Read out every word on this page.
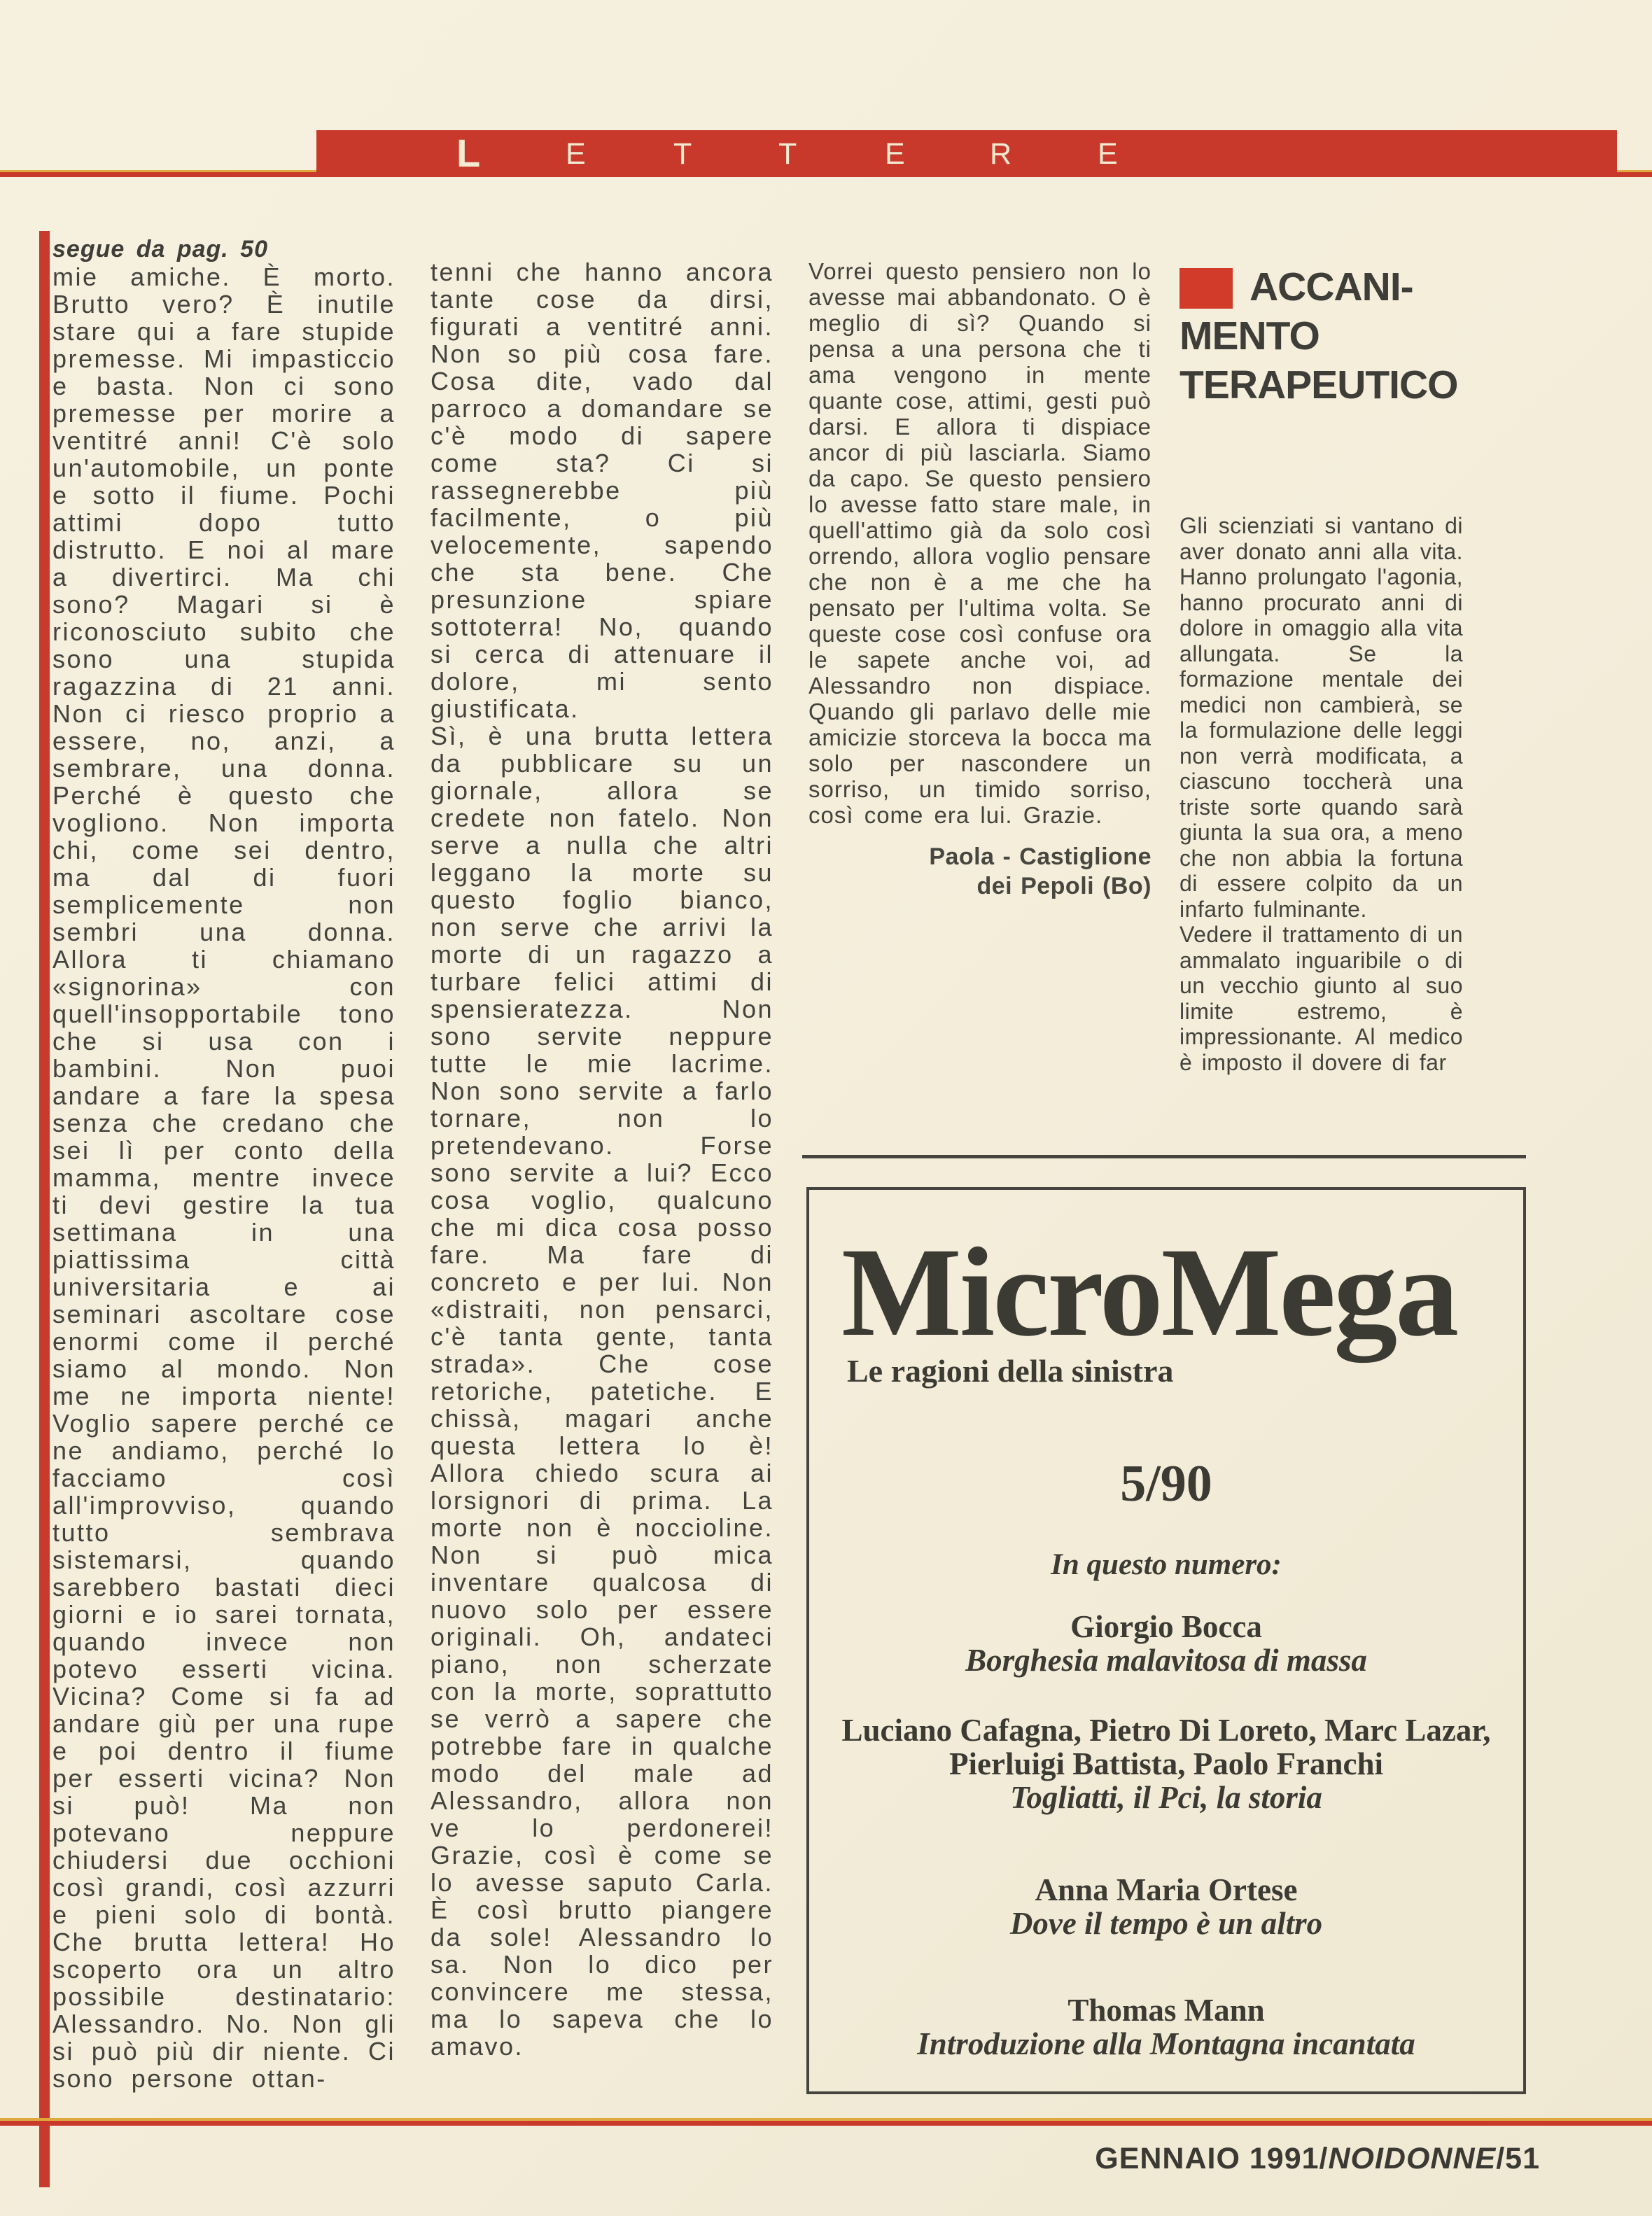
L	E	T	T	E	R	E

segue da pag. 50

mie amiche. È morto. Brutto vero? È inutile stare qui a fare stupide premesse. Mi impasticcio e basta. Non ci sono premesse per morire a ventitré anni! C'è solo un'automobile, un ponte e sotto il fiume. Pochi attimi dopo tutto distrutto. E noi al mare a divertirci. Ma chi sono? Magari si è riconosciuto subito che sono una stupida ragazzina di 21 anni. Non ci riesco proprio a essere, no, anzi, a sembrare, una donna. Perché è questo che vogliono. Non importa chi, come sei dentro, ma dal di fuori semplicemente non sembri una donna. Allora ti chiamano «signorina» con quell'insopportabile tono che si usa con i bambini. Non puoi andare a fare la spesa senza che credano che sei lì per conto della mamma, mentre invece ti devi gestire la tua settimana in una piattissima città universitaria e ai seminari ascoltare cose enormi come il perché siamo al mondo. Non me ne importa niente! Voglio sapere perché ce ne andiamo, perché lo facciamo così all'improvviso, quando tutto sembrava sistemarsi, quando sarebbero bastati dieci giorni e io sarei tornata, quando invece non potevo esserti vicina. Vicina? Come si fa ad andare giù per una rupe e poi dentro il fiume per esserti vicina? Non si può! Ma non potevano neppure chiudersi due occhioni così grandi, così azzurri e pieni solo di bontà. Che brutta lettera! Ho scoperto ora un altro possibile destinatario: Alessandro. No. Non gli si può più dir niente. Ci sono persone ottan-

tenni che hanno ancora tante cose da dirsi, figurati a ventitré anni. Non so più cosa fare. Cosa dite, vado dal parroco a domandare se c'è modo di sapere come sta? Ci si rassegnerebbe più facilmente, o più velocemente, sapendo che sta bene. Che presunzione spiare sottoterra! No, quando si cerca di attenuare il dolore, mi sento giustificata.

Sì, è una brutta lettera da pubblicare su un giornale, allora se credete non fatelo. Non serve a nulla che altri leggano la morte su questo foglio bianco, non serve che arrivi la morte di un ragazzo a turbare felici attimi di spensieratezza. Non sono servite neppure tutte le mie lacrime. Non sono servite a farlo tornare, non lo pretendevano. Forse sono servite a lui? Ecco cosa voglio, qualcuno che mi dica cosa posso fare. Ma fare di concreto e per lui. Non «distraiti, non pensarci, c'è tanta gente, tanta strada». Che cose retoriche, patetiche. E chissà, magari anche questa lettera lo è! Allora chiedo scura ai lorsignori di prima. La morte non è noccioline. Non si può mica inventare qualcosa di nuovo solo per essere originali. Oh, andateci piano, non scherzate con la morte, soprattutto se verrò a sapere che potrebbe fare in qualche modo del male ad Alessandro, allora non ve lo perdonerei! Grazie, così è come se lo avesse saputo Carla. È così brutto piangere da sole! Alessandro lo sa. Non lo dico per convincere me stessa, ma lo sapeva che lo amavo.

Vorrei questo pensiero non lo avesse mai abbandonato. O è meglio di sì? Quando si pensa a una persona che ti ama vengono in mente quante cose, attimi, gesti può darsi. E allora ti dispiace ancor di più lasciarla. Siamo da capo. Se questo pensiero lo avesse fatto stare male, in quell'attimo già da solo così orrendo, allora voglio pensare che non è a me che ha pensato per l'ultima volta. Se queste cose così confuse ora le sapete anche voi, ad Alessandro non dispiace. Quando gli parlavo delle mie amicizie storceva la bocca ma solo per nascondere un sorriso, un timido sorriso, così come era lui. Grazie.

Paola - Castiglione dei Pepoli (Bo)
ACCANI-
MENTO
TERAPEUTICO

Gli scienziati si vantano di aver donato anni alla vita. Hanno prolungato l'agonia, hanno procurato anni di dolore in omaggio alla vita allungata. Se la formazione mentale dei medici non cambierà, se la formulazione delle leggi non verrà modificata, a ciascuno toccherà una triste sorte quando sarà giunta la sua ora, a meno che non abbia la fortuna di essere colpito da un infarto fulminante.

Vedere il trattamento di un ammalato inguaribile o di un vecchio giunto al suo limite estremo, è impressionante. Al medico è imposto il dovere di far

MicroMega
Le ragioni della sinistra
5/90
In questo numero:
Giorgio Bocca
Borghesia malavitosa di massa
Luciano Cafagna, Pietro Di Loreto, Marc Lazar, Pierluigi Battista, Paolo Franchi
Togliatti, il Pci, la storia
Anna Maria Ortese
Dove il tempo è un altro
Thomas Mann
Introduzione alla Montagna incantata
GENNAIO 1991/NOIDONNE/51
